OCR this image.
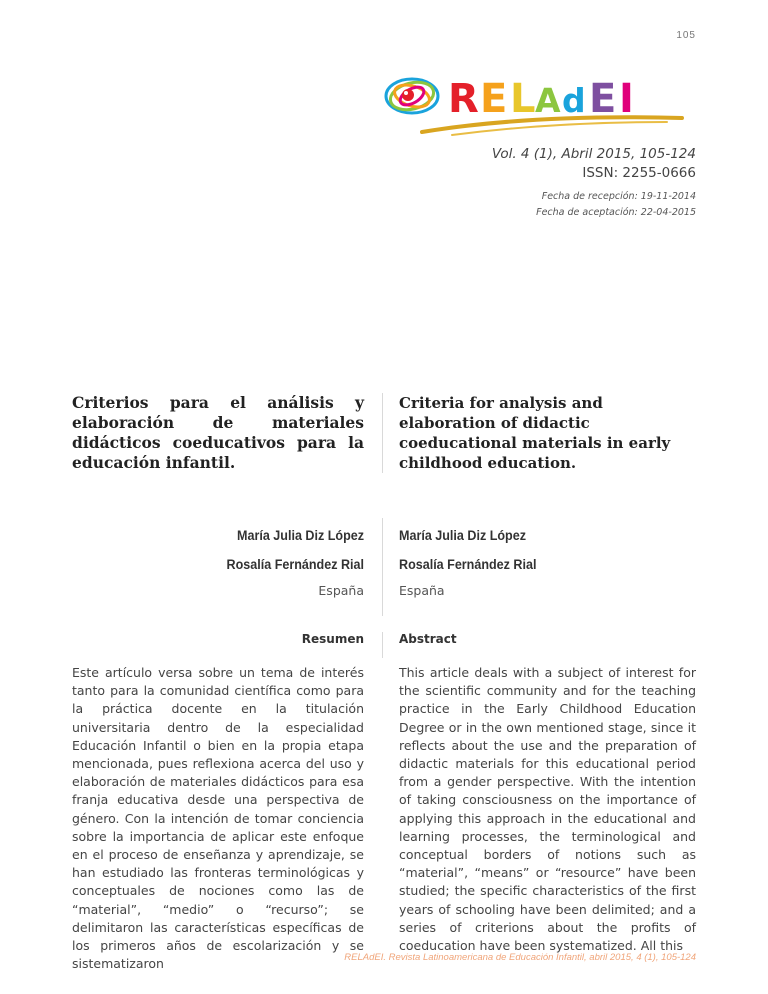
105
R E L A d E I
Vol. 4 (1), Abril 2015, 105-124
ISSN: 2255-0666
Fecha de recepción: 19-11-2014
Fecha de aceptación: 22-04-2015
Criterios para el análisis y elaboración de materiales didácticos coeducativos para la educación infantil.
Criteria for analysis and elaboration of didactic coeducational materials in early childhood education.
María Julia Diz López	María Julia Diz López
Rosalía Fernández Rial	Rosalía Fernández Rial
España	España
Resumen	Abstract
Este artículo versa sobre un tema de interés tanto para la comunidad científica como para la práctica docente en la titulación universitaria dentro de la especialidad Educación Infantil o bien en la propia etapa mencionada, pues reflexiona acerca del uso y elaboración de materiales didácticos para esa franja educativa desde una perspectiva de género. Con la intención de tomar conciencia sobre la importancia de aplicar este enfoque en el proceso de enseñanza y aprendizaje, se han estudiado las fronteras terminológicas y conceptuales de nociones como las de “material”, “medio” o “recurso”; se delimitaron las características específicas de los primeros años de escolarización y se sistematizaron
This article deals with a subject of interest for the scientific community and for the teaching practice in the Early Childhood Education Degree or in the own mentioned stage, since it reflects about the use and the preparation of didactic materials for this educational period from a gender perspective. With the intention of taking consciousness on the importance of applying this approach in the educational and learning processes, the terminological and conceptual borders of notions such as “material”, “means” or “resource” have been studied; the specific characteristics of the first years of schooling have been delimited; and a series of criterions about the profits of coeducation have been systematized. All this
RELAdEI. Revista Latinoamericana de Educación Infantil, abril 2015, 4 (1), 105-124
